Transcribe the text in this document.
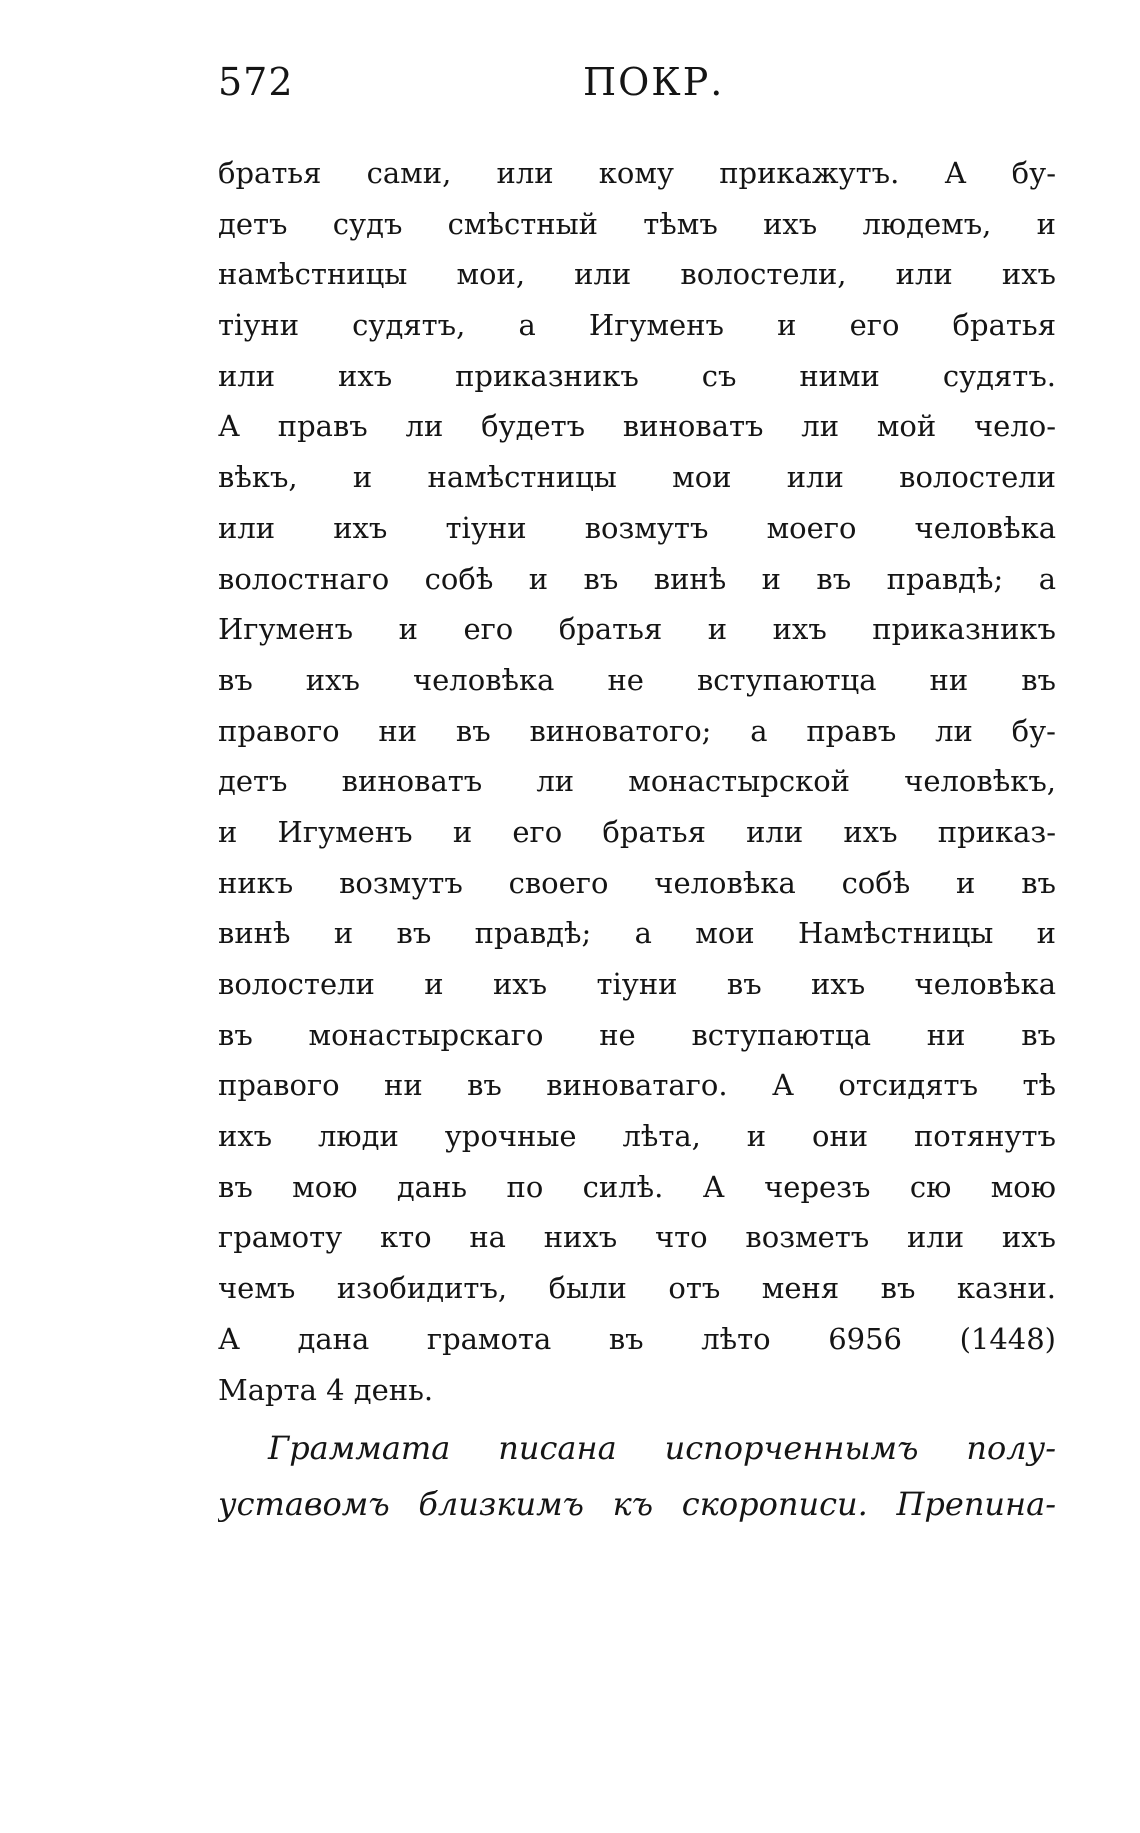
572	ПОКР.
братья сами, или кому прикажутъ. А бу-
детъ судъ смѣстный тѣмъ ихъ людемъ, и
намѣстницы мои, или волостели, или ихъ
тіуни судятъ, а Игуменъ и его братья
или ихъ приказникъ съ ними судятъ.
А правъ ли будетъ виноватъ ли мой чело-
вѣкъ, и намѣстницы мои или волостели
или ихъ тіуни возмутъ моего человѣка
волостнаго собѣ и въ винѣ и въ правдѣ; а
Игуменъ и его братья и ихъ приказникъ
въ ихъ человѣка не вступаютца ни въ
правого ни въ виноватого; а правъ ли бу-
детъ виноватъ ли монастырской человѣкъ,
и Игуменъ и его братья или ихъ приказ-
никъ возмутъ своего человѣка собѣ и въ
винѣ и въ правдѣ; а мои Намѣстницы и
волостели и ихъ тіуни въ ихъ человѣка
въ монастырскаго не вступаютца ни въ
правого ни въ виноватаго. А отсидятъ тѣ
ихъ люди урочные лѣта, и они потянутъ
въ мою дань по силѣ. А черезъ сю мою
грамоту кто на нихъ что возметъ или ихъ
чемъ изобидитъ, были отъ меня въ казни.
А дана грамота въ лѣто 6956 (1448)
Марта 4 день.
Граммата писана испорченнымъ полу-
уставомъ близкимъ къ скорописи. Препина-
